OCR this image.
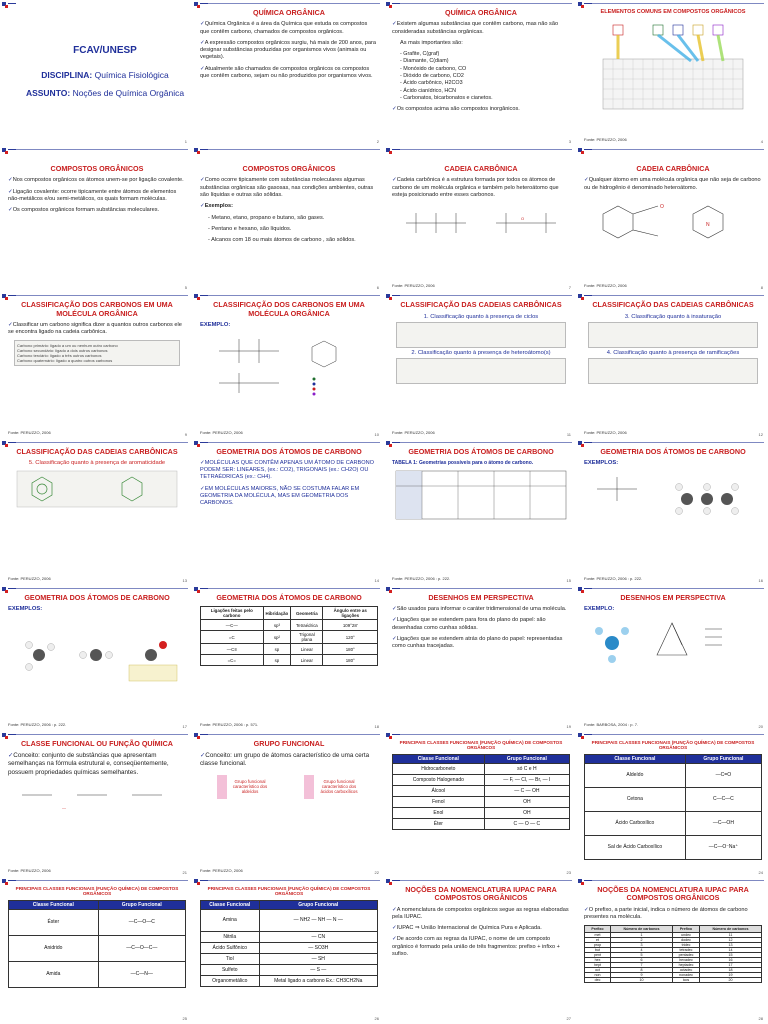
FCAV/UNESP
DISCIPLINA: Química Fisiológica
ASSUNTO: Noções de Química Orgânica
1
QUÍMICA ORGÂNICA
✓ Química Orgânica é a área da Química que estuda os compostos que contêm carbono, chamados de compostos orgânicos.
✓ A expressão compostos orgânicos surgiu, há mais de 200 anos, para designar substâncias produzidas por organismos vivos (animais ou vegetais).
✓ Atualmente são chamados de compostos orgânicos os compostos que contêm carbono, sejam ou não produzidos por organismos vivos.
2
QUÍMICA ORGÂNICA
✓ Existem algumas substâncias que contêm carbono, mas não são consideradas substâncias orgânicas.
As mais importantes são:
- Grafite, C(graf)
- Diamante, C(diam)
- Monóxido de carbono, CO
- Dióxido de carbono, CO2
- Ácido carbônico, H2CO3
- Ácido cianídrico, HCN
- Carbonatos, bicarbonatos e cianetos.
✓ Os compostos acima são compostos inorgânicos.
3
ELEMENTOS COMUNS EM COMPOSTOS ORGÂNICOS
Fonte: PERUZZO, 2006	4
COMPOSTOS ORGÂNICOS
✓ Nos compostos orgânicos os átomos unem-se por ligação covalente.
✓ Ligação covalente: ocorre tipicamente entre átomos de elementos não-metálicos e/ou semi-metálicos, os quais formam moléculas.
✓ Os compostos orgânicos formam substâncias moleculares.
5
COMPOSTOS ORGÂNICOS
✓ Como ocorre tipicamente com substâncias moleculares algumas substâncias orgânicas são gasosas, nas condições ambientes, outras são líquidas e outras são sólidas.
✓ Exemplos:
- Metano, etano, propano e butano, são gases.
- Pentano e hexano, são líquidos.
- Alcanos com 18 ou mais átomos de carbono , são sólidos.
6
CADEIA CARBÔNICA
✓ Cadeia carbônica é a estrutura formada por todos os átomos de carbono de um molécula orgânica e também pelo heteroátomo que esteja posicionado entre esses carbonos.
O
Fonte: PERUZZO, 2006	7
CADEIA CARBÔNICA
✓ Qualquer átomo em uma molécula orgânica que não seja de carbono ou de hidrogênio é denominado heteroátomo.
O
N
Fonte: PERUZZO, 2006	8
CLASSIFICAÇÃO DOS CARBONOS EM UMA MOLÉCULA ORGÂNICA
✓ Classificar um carbono significa dizer a quantos outros carbonos ele se encontra ligado na cadeia carbônica.
Carbono primário: ligado a um ou nenhum outro carbono
Carbono secundário: ligado a dois outros carbonos
Carbono terciário: ligado a três outros carbonos
Carbono quaternário: ligado a quatro outros carbonos
Fonte: PERUZZO, 2006	9
CLASSIFICAÇÃO DOS CARBONOS EM UMA MOLÉCULA ORGÂNICA
EXEMPLO:
Fonte: PERUZZO, 2006	10
CLASSIFICAÇÃO DAS CADEIAS CARBÔNICAS
1. Classificação quanto à presença de ciclos
2. Classificação quanto à presença de heteroátomo(s)
Fonte: PERUZZO, 2006	11
CLASSIFICAÇÃO DAS CADEIAS CARBÔNICAS
3. Classificação quanto à insaturação
4. Classificação quanto à presença de ramificações
Fonte: PERUZZO, 2006	12
CLASSIFICAÇÃO DAS CADEIAS CARBÔNICAS
5. Classificação quanto à presença de aromaticidade
Fonte: PERUZZO, 2006	13
GEOMETRIA DOS ÁTOMOS DE CARBONO
✓ MOLÉCULAS QUE CONTÊM APENAS UM ÁTOMO DE CARBONO PODEM SER: LINEARES, (ex.: CO2), TRIGONAIS (ex.: CH2O) OU TETRAÉDRICAS (ex.: CH4).
✓ EM MOLÉCULAS MAIORES, NÃO SE COSTUMA FALAR EM GEOMETRIA DA MOLÉCULA, MAS EM GEOMETRIA DOS CARBONOS.
14
GEOMETRIA DOS ÁTOMOS DE CARBONO
TABELA 1: Geometrias possíveis para o átomo de carbono.
Fonte: PERUZZO, 2006 : p. 222.	15
GEOMETRIA DOS ÁTOMOS DE CARBONO
EXEMPLOS:
Fonte: PERUZZO, 2006 : p. 222.	16
GEOMETRIA DOS ÁTOMOS DE CARBONO
EXEMPLOS:
Fonte: PERUZZO, 2006 : p. 222.	17
GEOMETRIA DOS ÁTOMOS DE CARBONO
Ligações feitas pelo carbono	Hibridação	Geometria	Ângulo entre as ligações
—C—	sp³	Tetraédrica	109°28'
=C	sp²	Trigonal plana	120°
—C≡	sp	Linear	180°
=C=	sp	Linear	180°
Fonte: PERUZZO, 2006 : p. 571.	18
DESENHOS EM PERSPECTIVA
✓ São usados para informar o caráter tridimensional de uma molécula.
✓ Ligações que se estendem para fora do plano do papel: são desenhadas como cunhas sólidas.
✓ Ligações que se estendem atrás do plano do papel: representadas como cunhas tracejadas.
19
DESENHOS EM PERSPECTIVA
EXEMPLO:
Fonte: BARBOSA, 2004 : p. 7.	20
CLASSE FUNCIONAL OU FUNÇÃO QUÍMICA
✓ Conceito: conjunto de substâncias que apresentam semelhanças na fórmula estrutural e, conseqüentemente, possuem propriedades químicas semelhantes.
—
Fonte: PERUZZO, 2006	21
GRUPO FUNCIONAL
✓ Conceito: um grupo de átomos característico de uma certa classe funcional.
Grupo funcional característico dos aldeídos
Grupo funcional característico dos ácidos carboxílicos
Fonte: PERUZZO, 2006	22
PRINCIPAIS CLASSES FUNCIONAIS (FUNÇÃO QUÍMICA) DE COMPOSTOS ORGÂNICOS
Classe Funcional	Grupo Funcional
Hidrocarboneto	só C e H
Composto Halogenado	— F, — Cl, — Br, — I
Álcool	— C — OH
Fenol	OH
Enol	OH
Éter	C — O — C
23
PRINCIPAIS CLASSES FUNCIONAIS (FUNÇÃO QUÍMICA) DE COMPOSTOS ORGÂNICOS
Classe Funcional	Grupo Funcional
Aldeído	—C=O
Cetona	C—C—C
Ácido Carboxílico	—C—OH
Sal de Ácido Carboxílico	—C—O⁻Na⁺
24
PRINCIPAIS CLASSES FUNCIONAIS (FUNÇÃO QUÍMICA) DE COMPOSTOS ORGÂNICOS
Classe Funcional	Grupo Funcional
Éster	—C—O—C
Anidrido	—C—O—C—
Amida	—C—N—
25
PRINCIPAIS CLASSES FUNCIONAIS (FUNÇÃO QUÍMICA) DE COMPOSTOS ORGÂNICOS
Classe Funcional	Grupo Funcional
Amina	— NH2 — NH — N —
Nitrila	— CN
Ácido Sulfônico	— SO3H
Tiol	— SH
Sulfeto	— S —
Organometálico	Metal ligado a carbono Ex.: CH3CH2Na
26
NOÇÕES DA NOMENCLATURA IUPAC PARA COMPOSTOS ORGÂNICOS
✓ A nomenclatura de compostos orgânicos segue as regras elaboradas pela IUPAC.
✓ IUPAC ⇒ União Internacional de Química Pura e Aplicada.
✓ De acordo com as regras da IUPAC, o nome de um composto orgânico é formado pela união de três fragmentos: prefixo + infixo + sufixo.
27
NOÇÕES DA NOMENCLATURA IUPAC PARA COMPOSTOS ORGÂNICOS
✓ O prefixo, a parte inicial, indica o número de átomos de carbono presentes na molécula.
Prefixo	Número de carbonos	Prefixo	Número de carbonos
met	1	undec	11
et	2	dodec	12
prop	3	tridec	13
but	4	tetradec	14
pent	5	pentadec	15
hex	6	hexadec	16
hept	7	heptadec	17
oct	8	octadec	18
non	9	nonadec	19
dec	10	icos	20
28
